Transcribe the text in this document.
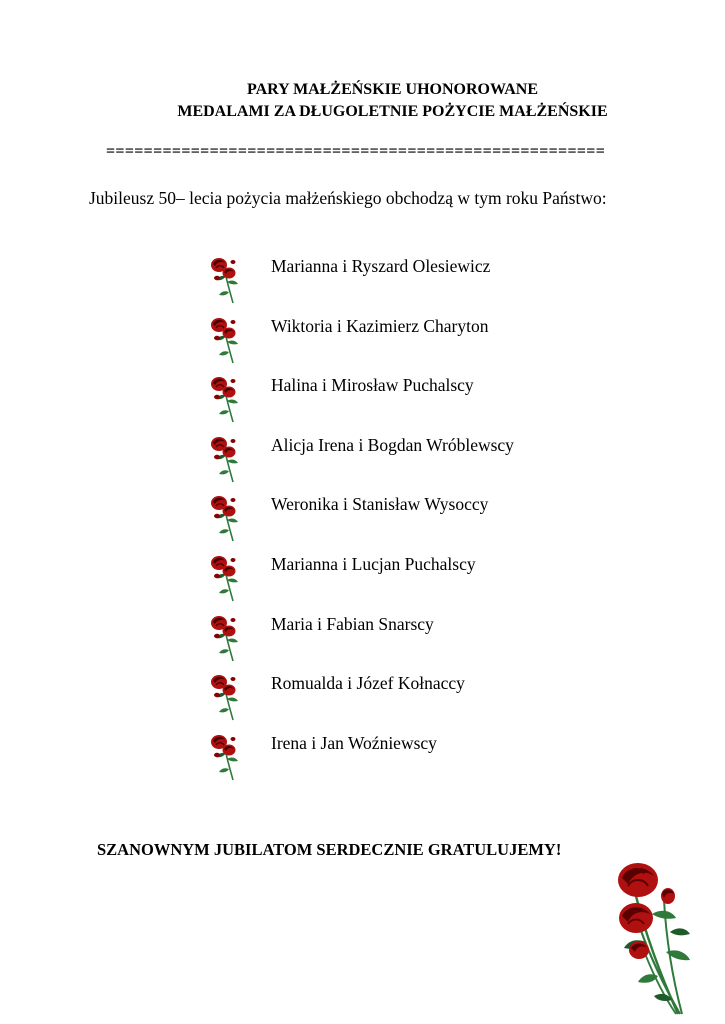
PARY MAŁŻEŃSKIE UHONOROWANE
MEDALAMI ZA DŁUGOLETNIE POŻYCIE MAŁŻEŃSKIE
=====================================================
Jubileusz 50– lecia pożycia małżeńskiego obchodzą w tym roku Państwo:
Marianna i Ryszard Olesiewicz
Wiktoria i Kazimierz Charyton
Halina i Mirosław Puchalscy
Alicja Irena i Bogdan Wróblewscy
Weronika i Stanisław Wysoccy
Marianna i Lucjan Puchalscy
Maria i Fabian Snarscy
Romualda i Józef Kołnaccy
Irena i Jan Woźniewscy
SZANOWNYM JUBILATOM SERDECZNIE GRATULUJEMY!
